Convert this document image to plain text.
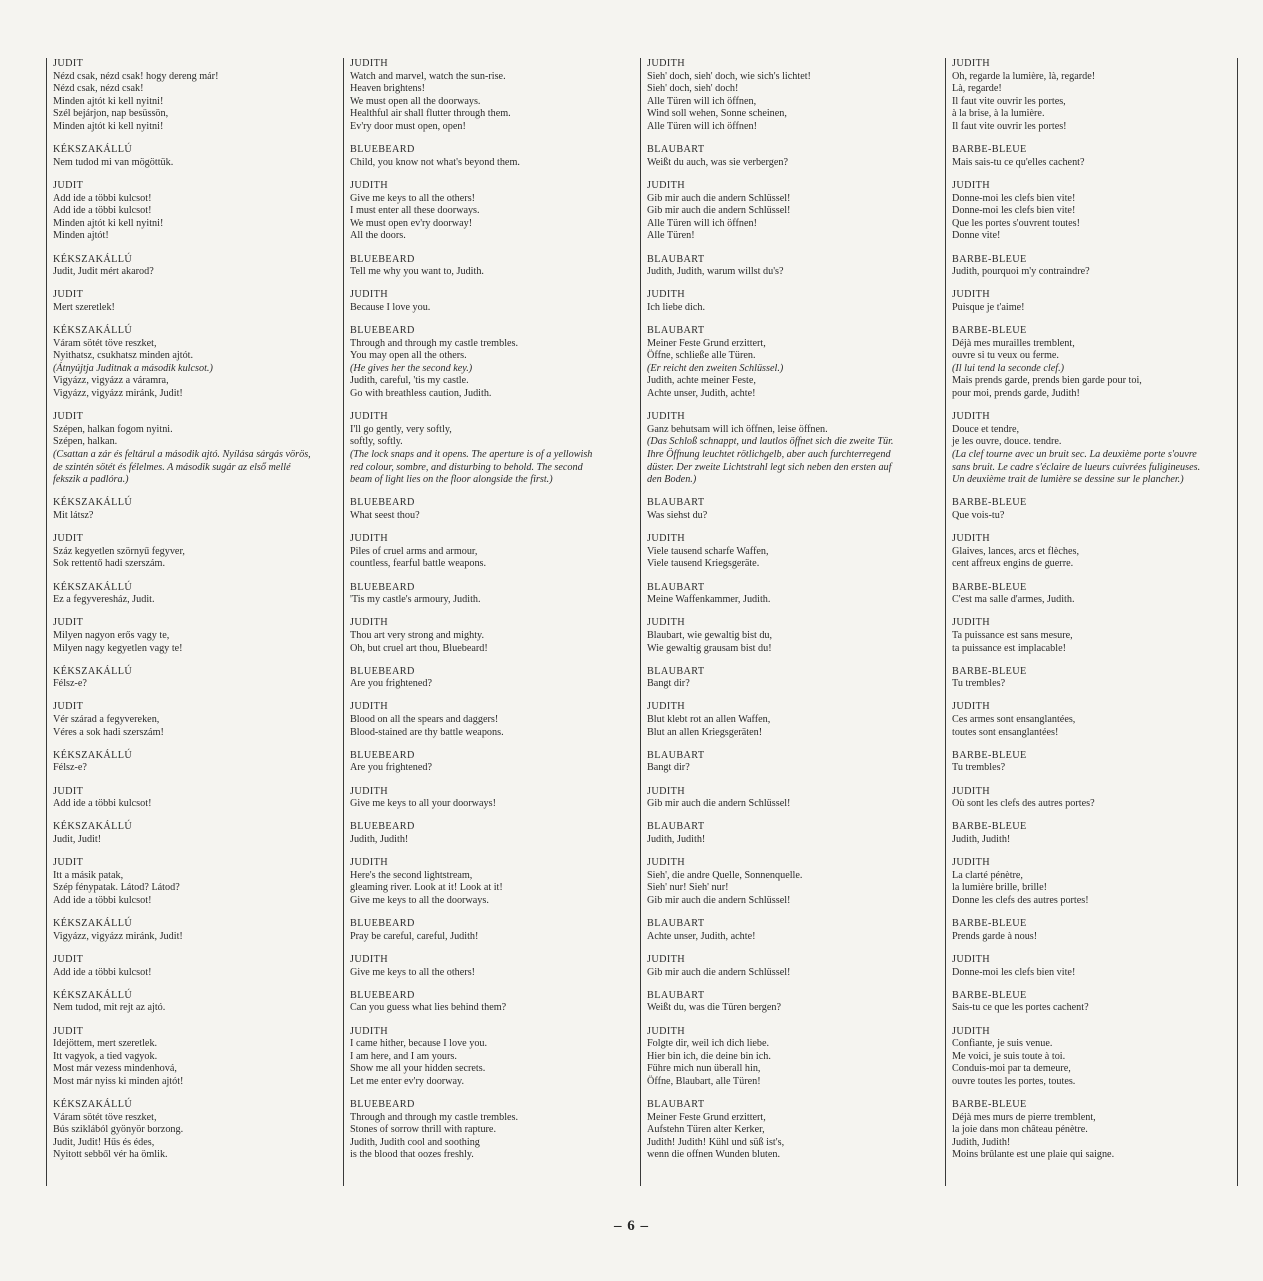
JUDIT
Nézd csak, nézd csak! hogy dereng már!
Nézd csak, nézd csak!
Minden ajtót ki kell nyitni!
Szél bejárjon, nap besüssön,
Minden ajtót ki kell nyitni!
KÉKSZAKÁLLÚ
Nem tudod mi van mögöttük.
JUDIT
Add ide a többi kulcsot!
Add ide a többi kulcsot!
Minden ajtót ki kell nyitni!
Minden ajtót!
KÉKSZAKÁLLÚ
Judit, Judit mért akarod?
JUDIT
Mert szeretlek!
KÉKSZAKÁLLÚ
Váram sötét töve reszket,
Nyithatsz, csukhatsz minden ajtót.
(Átnyújtja Juditnak a második kulcsot.)
Vigyázz, vigyázz a váramra,
Vigyázz, vigyázz miránk, Judit!
JUDIT
Szépen, halkan fogom nyitni.
Szépen, halkan.
(Csattan a zár és feltárul a második ajtó. Nyílása sárgás vörös,
de szintén sötét és félelmes. A második sugár az első mellé
fekszik a padlóra.)
KÉKSZAKÁLLÚ
Mit látsz?
JUDIT
Száz kegyetlen szörnyű fegyver,
Sok rettentő hadi szerszám.
KÉKSZAKÁLLÚ
Ez a fegyveresház, Judit.
JUDIT
Milyen nagyon erős vagy te,
Milyen nagy kegyetlen vagy te!
KÉKSZAKÁLLÚ
Félsz-e?
JUDIT
Vér szárad a fegyvereken,
Véres a sok hadi szerszám!
KÉKSZAKÁLLÚ
Félsz-e?
JUDIT
Add ide a többi kulcsot!
KÉKSZAKÁLLÚ
Judit, Judit!
JUDIT
Itt a másik patak,
Szép fénypatak. Látod? Látod?
Add ide a többi kulcsot!
KÉKSZAKÁLLÚ
Vigyázz, vigyázz miránk, Judit!
JUDIT
Add ide a többi kulcsot!
KÉKSZAKÁLLÚ
Nem tudod, mit rejt az ajtó.
JUDIT
Idejöttem, mert szeretlek.
Itt vagyok, a tied vagyok.
Most már vezess mindenhová,
Most már nyiss ki minden ajtót!
KÉKSZAKÁLLÚ
Váram sötét töve reszket,
Bús sziklából gyönyör borzong.
Judit, Judit! Hűs és édes,
Nyitott sebből vér ha ömlik.
JUDITH
Watch and marvel, watch the sun-rise.
Heaven brightens!
We must open all the doorways.
Healthful air shall flutter through them.
Ev'ry door must open, open!
BLUEBEARD
Child, you know not what's beyond them.
JUDITH
Give me keys to all the others!
I must enter all these doorways.
We must open ev'ry doorway!
All the doors.
BLUEBEARD
Tell me why you want to, Judith.
JUDITH
Because I love you.
BLUEBEARD
Through and through my castle trembles.
You may open all the others.
(He gives her the second key.)
Judith, careful, 'tis my castle.
Go with breathless caution, Judith.
JUDITH
I'll go gently, very softly,
softly, softly.
(The lock snaps and it opens. The aperture is of a yellowish
red colour, sombre, and disturbing to behold. The second
beam of light lies on the floor alongside the first.)
BLUEBEARD
What seest thou?
JUDITH
Piles of cruel arms and armour,
countless, fearful battle weapons.
BLUEBEARD
'Tis my castle's armoury, Judith.
JUDITH
Thou art very strong and mighty.
Oh, but cruel art thou, Bluebeard!
BLUEBEARD
Are you frightened?
JUDITH
Blood on all the spears and daggers!
Blood-stained are thy battle weapons.
BLUEBEARD
Are you frightened?
JUDITH
Give me keys to all your doorways!
BLUEBEARD
Judith, Judith!
JUDITH
Here's the second lightstream,
gleaming river. Look at it! Look at it!
Give me keys to all the doorways.
BLUEBEARD
Pray be careful, careful, Judith!
JUDITH
Give me keys to all the others!
BLUEBEARD
Can you guess what lies behind them?
JUDITH
I came hither, because I love you.
I am here, and I am yours.
Show me all your hidden secrets.
Let me enter ev'ry doorway.
BLUEBEARD
Through and through my castle trembles.
Stones of sorrow thrill with rapture.
Judith, Judith cool and soothing
is the blood that oozes freshly.
JUDITH
Sieh' doch, sieh' doch, wie sich's lichtet!
Sieh' doch, sieh' doch!
Alle Türen will ich öffnen,
Wind soll wehen, Sonne scheinen,
Alle Türen will ich öffnen!
BLAUBART
Weißt du auch, was sie verbergen?
JUDITH
Gib mir auch die andern Schlüssel!
Gib mir auch die andern Schlüssel!
Alle Türen will ich öffnen!
Alle Türen!
BLAUBART
Judith, Judith, warum willst du's?
JUDITH
Ich liebe dich.
BLAUBART
Meiner Feste Grund erzittert,
Öffne, schließe alle Türen.
(Er reicht den zweiten Schlüssel.)
Judith, achte meiner Feste,
Achte unser, Judith, achte!
JUDITH
Ganz behutsam will ich öffnen, leise öffnen.
(Das Schloß schnappt, und lautlos öffnet sich die zweite Tür.
Ihre Öffnung leuchtet rötlichgelb, aber auch furchterregend
düster. Der zweite Lichtstrahl legt sich neben den ersten auf
den Boden.)
BLAUBART
Was siehst du?
JUDITH
Viele tausend scharfe Waffen,
Viele tausend Kriegsgeräte.
BLAUBART
Meine Waffenkammer, Judith.
JUDITH
Blaubart, wie gewaltig bist du,
Wie gewaltig grausam bist du!
BLAUBART
Bangt dir?
JUDITH
Blut klebt rot an allen Waffen,
Blut an allen Kriegsgeräten!
BLAUBART
Bangt dir?
JUDITH
Gib mir auch die andern Schlüssel!
BLAUBART
Judith, Judith!
JUDITH
Sieh', die andre Quelle, Sonnenquelle.
Sieh' nur! Sieh' nur!
Gib mir auch die andern Schlüssel!
BLAUBART
Achte unser, Judith, achte!
JUDITH
Gib mir auch die andern Schlüssel!
BLAUBART
Weißt du, was die Türen bergen?
JUDITH
Folgte dir, weil ich dich liebe.
Hier bin ich, die deine bin ich.
Führe mich nun überall hin,
Öffne, Blaubart, alle Türen!
BLAUBART
Meiner Feste Grund erzittert,
Aufstehn Türen alter Kerker,
Judith! Judith! Kühl und süß ist's,
wenn die offnen Wunden bluten.
JUDITH
Oh, regarde la lumière, là, regarde!
Là, regarde!
Il faut vite ouvrir les portes,
à la brise, à la lumière.
Il faut vite ouvrir les portes!
BARBE-BLEUE
Mais sais-tu ce qu'elles cachent?
JUDITH
Donne-moi les clefs bien vite!
Donne-moi les clefs bien vite!
Que les portes s'ouvrent toutes!
Donne vite!
BARBE-BLEUE
Judith, pourquoi m'y contraindre?
JUDITH
Puisque je t'aime!
BARBE-BLEUE
Déjà mes murailles tremblent,
ouvre si tu veux ou ferme.
(Il lui tend la seconde clef.)
Mais prends garde, prends bien garde pour toi,
pour moi, prends garde, Judith!
JUDITH
Douce et tendre,
je les ouvre, douce. tendre.
(La clef tourne avec un bruit sec. La deuxième porte s'ouvre
sans bruit. Le cadre s'éclaire de lueurs cuivrées fuligineuses.
Un deuxième trait de lumière se dessine sur le plancher.)
BARBE-BLEUE
Que vois-tu?
JUDITH
Glaives, lances, arcs et flèches,
cent affreux engins de guerre.
BARBE-BLEUE
C'est ma salle d'armes, Judith.
JUDITH
Ta puissance est sans mesure,
ta puissance est implacable!
BARBE-BLEUE
Tu trembles?
JUDITH
Ces armes sont ensanglantées,
toutes sont ensanglantées!
BARBE-BLEUE
Tu trembles?
JUDITH
Où sont les clefs des autres portes?
BARBE-BLEUE
Judith, Judith!
JUDITH
La clarté pénètre,
la lumière brille, brille!
Donne les clefs des autres portes!
BARBE-BLEUE
Prends garde à nous!
JUDITH
Donne-moi les clefs bien vite!
BARBE-BLEUE
Sais-tu ce que les portes cachent?
JUDITH
Confiante, je suis venue.
Me voici, je suis toute à toi.
Conduis-moi par ta demeure,
ouvre toutes les portes, toutes.
BARBE-BLEUE
Déjà mes murs de pierre tremblent,
la joie dans mon château pénètre.
Judith, Judith!
Moins brûlante est une plaie qui saigne.
– 6 –
